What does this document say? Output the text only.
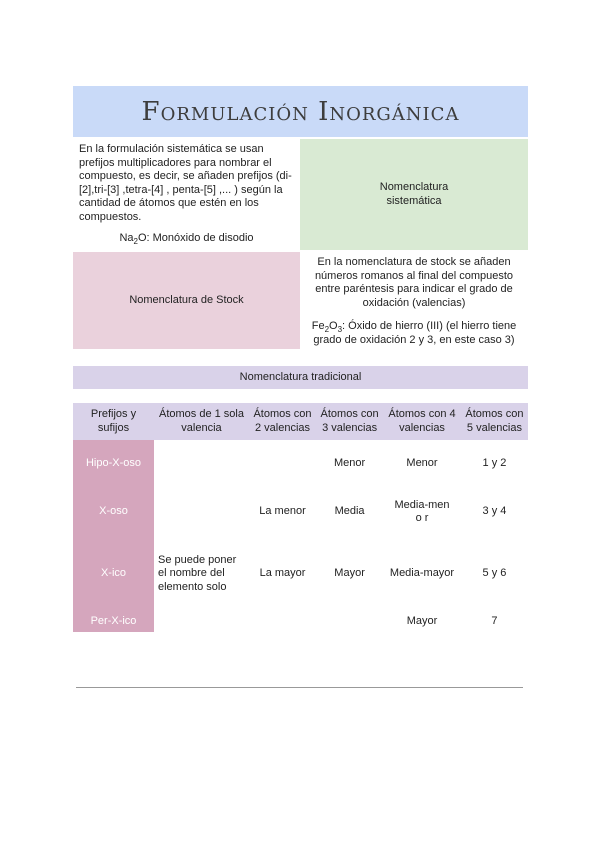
Formulación Inorgánica

En la formulación sistemática se usan prefijos multiplicadores para nombrar el compuesto, es decir, se añaden prefijos (di-[2],tri-[3] ,tetra-[4] , penta-[5] ,... ) según la cantidad de átomos que estén en los compuestos.

$Na_2O$: Monóxido de disodio
Nomenclatura sistemática
Nomenclatura de Stock

En la nomenclatura de stock se añaden números romanos al final del compuesto entre paréntesis para indicar el grado de oxidación (valencias)

$Fe_2O_3$: Óxido de hierro (III) (el hierro tiene grado de oxidación 2 y 3, en este caso 3)

Nomenclatura tradicional
Prefijos y sufijos	Átomos de 1 sola valencia	Átomos con 2 valencias	Átomos con 3 valencias	Átomos con 4 valencias	Átomos con 5 valencias
Hipo-X-oso			Menor	Menor	1 y 2
X-oso		La menor	Media	Media-meno r	3 y 4
X-ico	Se puede poner el nombre del elemento solo	La mayor	Mayor	Media-mayor	5 y 6
Per-X-ico				Mayor	7
